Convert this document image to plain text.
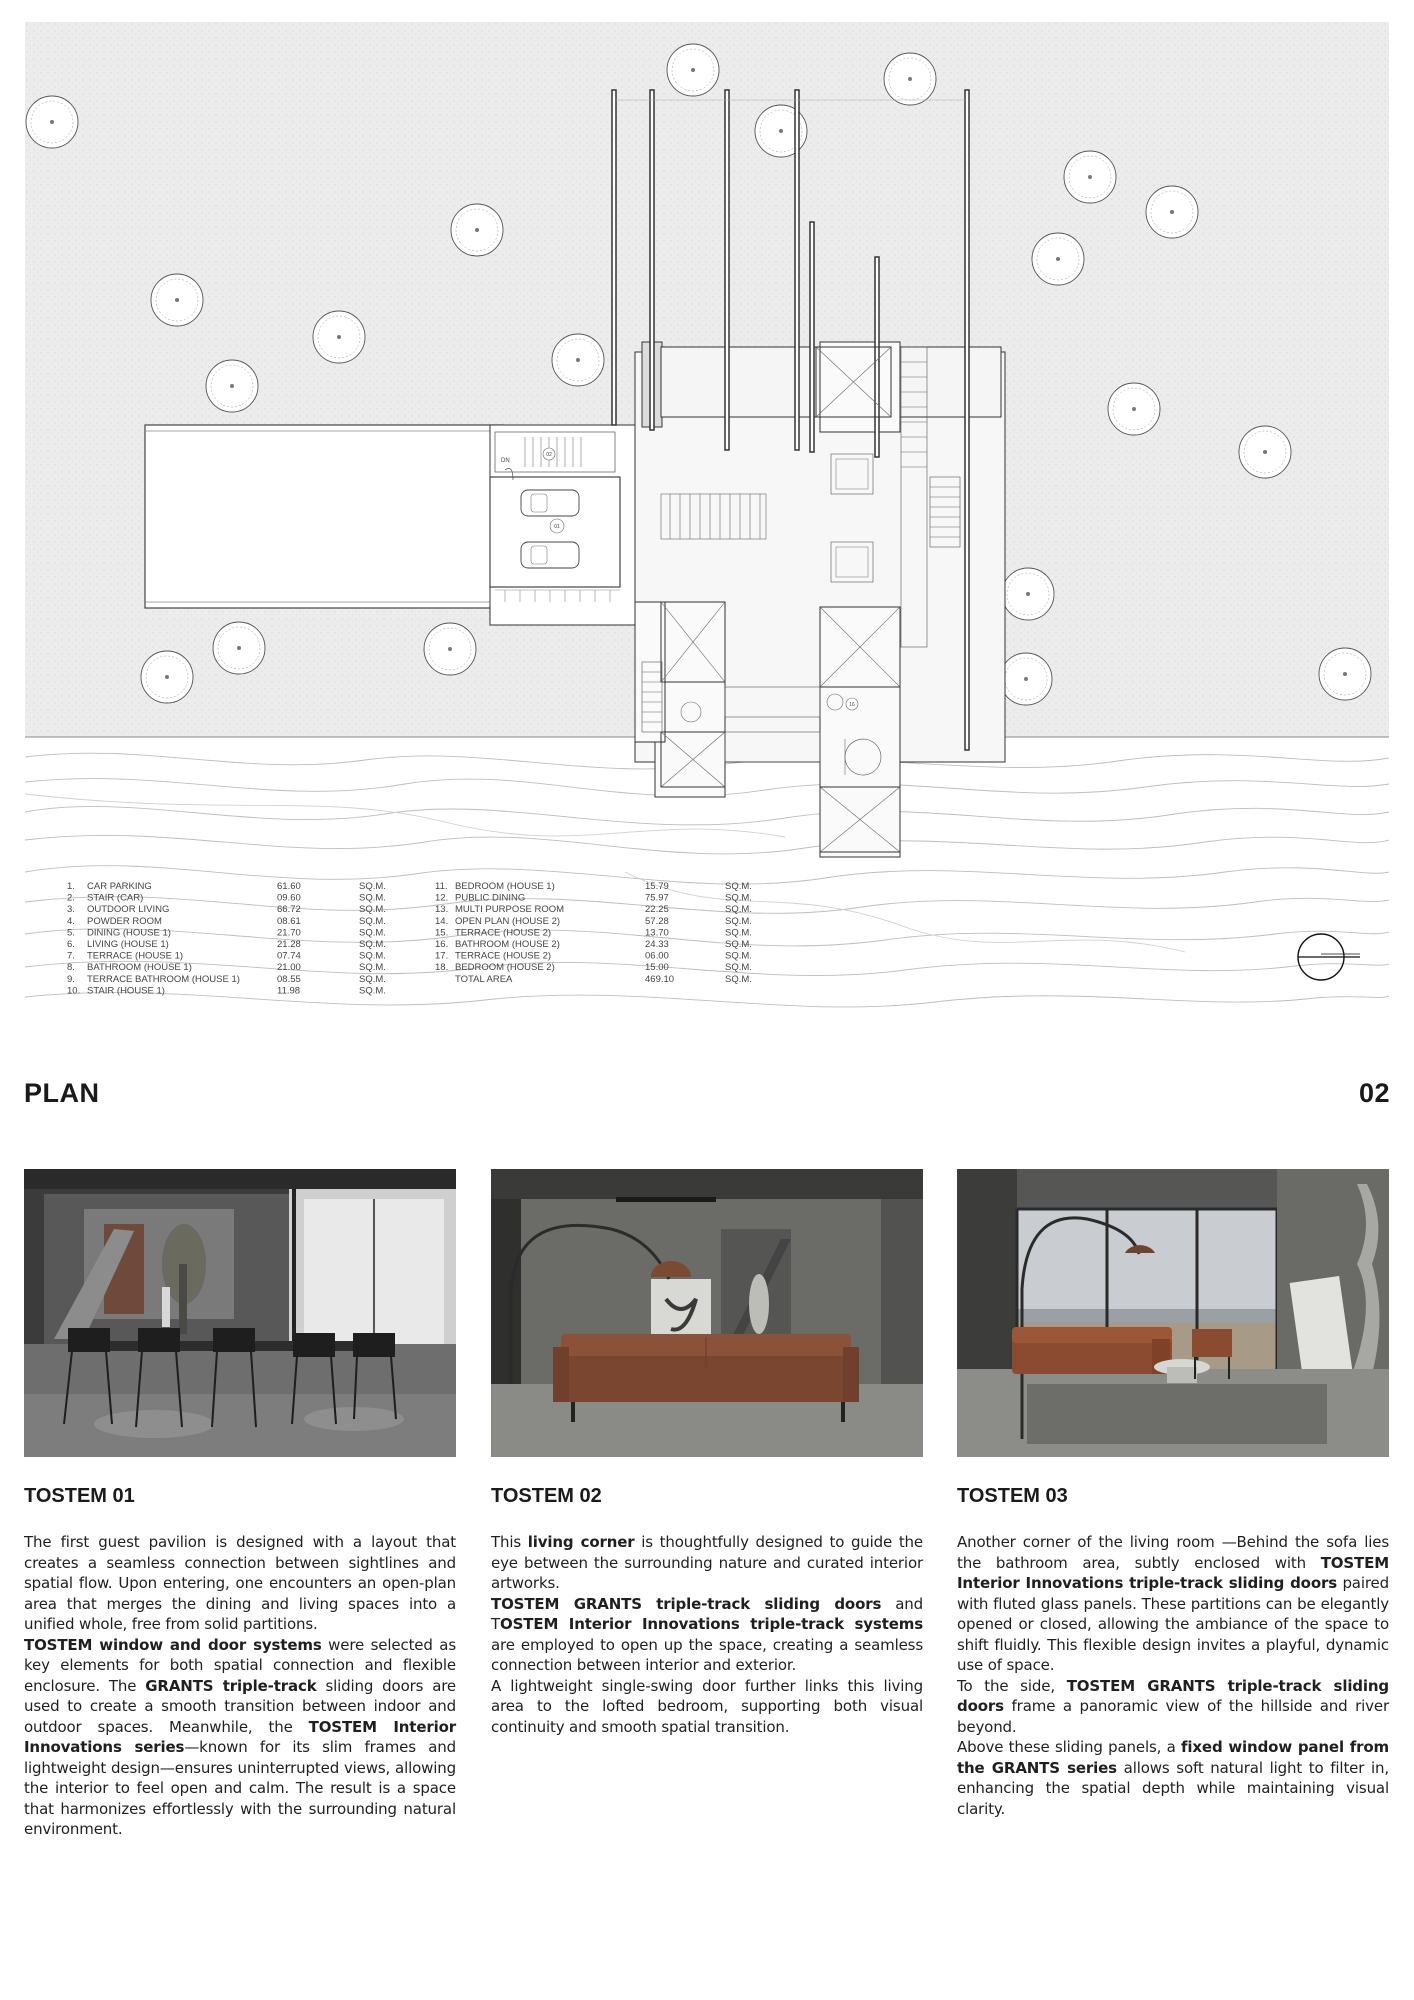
02
DN
01
16
1. CAR PARKING	61.60	SQ.M.
2. STAIR (CAR)	09.60	SQ.M.
3. OUTDOOR LIVING	66.72	SQ.M.
4. POWDER ROOM	08.61	SQ.M.
5. DINING (HOUSE 1)	21.70	SQ.M.
6. LIVING (HOUSE 1)	21.28	SQ.M.
7. TERRACE (HOUSE 1)	07.74	SQ.M.
8. BATHROOM (HOUSE 1)	21.00	SQ.M.
9. TERRACE BATHROOM (HOUSE 1)	08.55	SQ.M.
10. STAIR (HOUSE 1)	11.98	SQ.M.
11. BEDROOM (HOUSE 1)	15.79	SQ.M.
12. PUBLIC DINING	75.97	SQ.M.
13. MULTI PURPOSE ROOM	22.25	SQ.M.
14. OPEN PLAN (HOUSE 2)	57.28	SQ.M.
15. TERRACE (HOUSE 2)	13.70	SQ.M.
16. BATHROOM (HOUSE 2)	24.33	SQ.M.
17. TERRACE (HOUSE 2)	06.00	SQ.M.
18. BEDROOM (HOUSE 2)	15.00	SQ.M.
TOTAL AREA	469.10	SQ.M.
PLAN	02
TOSTEM 01	TOSTEM 02	TOSTEM 03

The first guest pavilion is designed with a layout that creates a seamless connection between sightlines and spatial flow. Upon entering, one encounters an open-plan area that merges the dining and living spaces into a unified whole, free from solid partitions.

TOSTEM window and door systems were selected as key elements for both spatial connection and flexible enclosure. The GRANTS triple-track sliding doors are used to create a smooth transition between indoor and outdoor spaces. Meanwhile, the TOSTEM Interior Innovations series—known for its slim frames and lightweight design—ensures uninterrupted views, allowing the interior to feel open and calm. The result is a space that harmonizes effortlessly with the surrounding natural environment.

This living corner is thoughtfully designed to guide the eye between the surrounding nature and curated interior artworks.

TOSTEM GRANTS triple-track sliding doors and TOSTEM Interior Innovations triple-track systems are employed to open up the space, creating a seamless connection between interior and exterior.

A lightweight single-swing door further links this living area to the lofted bedroom, supporting both visual continuity and smooth spatial transition.

Another corner of the living room —Behind the sofa lies the bathroom area, subtly enclosed with TOSTEM Interior Innovations triple-track sliding doors paired with fluted glass panels. These partitions can be elegantly opened or closed, allowing the ambiance of the space to shift fluidly. This flexible design invites a playful, dynamic use of space.

To the side, TOSTEM GRANTS triple-track sliding doors frame a panoramic view of the hillside and river beyond.

Above these sliding panels, a fixed window panel from the GRANTS series allows soft natural light to filter in, enhancing the spatial depth while maintaining visual clarity.
